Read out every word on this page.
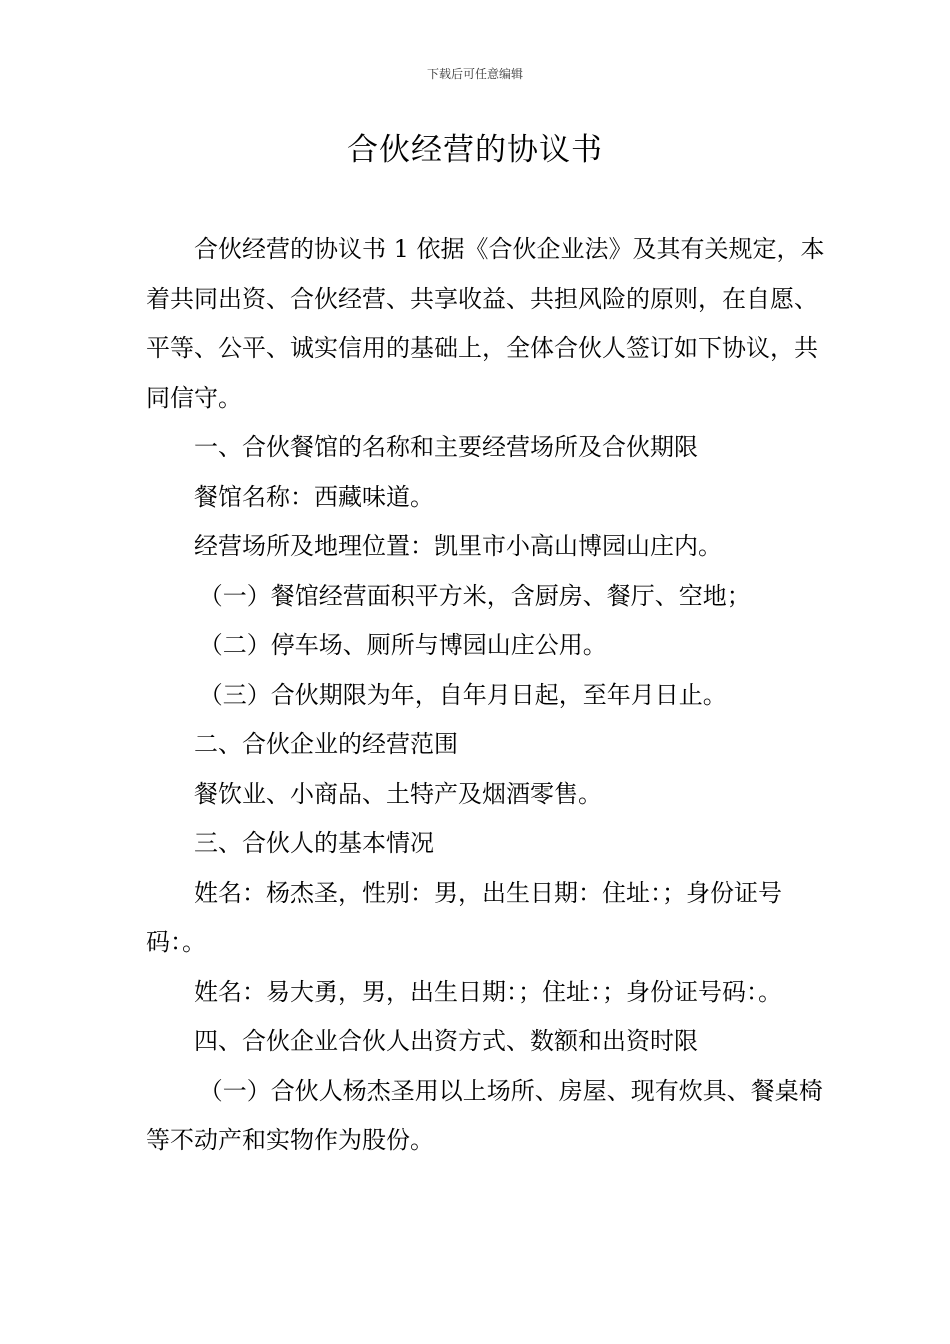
下载后可任意编辑
合伙经营的协议书

合伙经营的协议书 1 依据《合伙企业法》及其有关规定，本着共同出资、合伙经营、共享收益、共担风险的原则，在自愿、平等、公平、诚实信用的基础上，全体合伙人签订如下协议，共同信守。

一、合伙餐馆的名称和主要经营场所及合伙期限

餐馆名称：西藏味道。

经营场所及地理位置：凯里市小高山博园山庄内。

（一）餐馆经营面积平方米，含厨房、餐厅、空地；

（二）停车场、厕所与博园山庄公用。

（三）合伙期限为年，自年月日起，至年月日止。

二、合伙企业的经营范围

餐饮业、小商品、土特产及烟酒零售。

三、合伙人的基本情况

姓名：杨杰圣，性别：男，出生日期：住址：；身份证号码：。

姓名：易大勇，男，出生日期：；住址：；身份证号码：。

四、合伙企业合伙人出资方式、数额和出资时限

（一）合伙人杨杰圣用以上场所、房屋、现有炊具、餐桌椅等不动产和实物作为股份。
